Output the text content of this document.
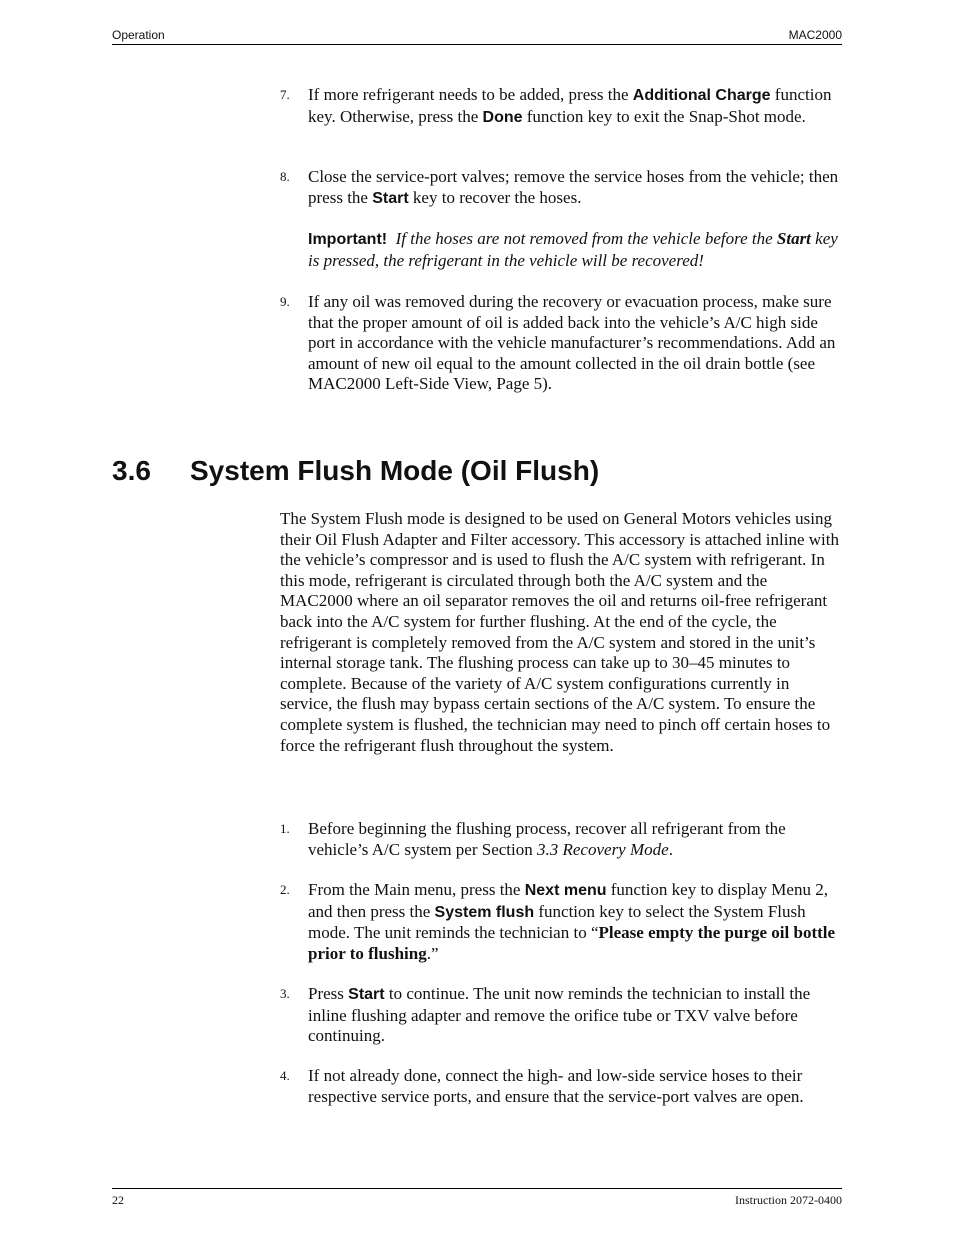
Operation	MAC2000
7. If more refrigerant needs to be added, press the Additional Charge function key. Otherwise, press the Done function key to exit the Snap-Shot mode.
8. Close the service-port valves; remove the service hoses from the vehicle; then press the Start key to recover the hoses.
Important! If the hoses are not removed from the vehicle before the Start key is pressed, the refrigerant in the vehicle will be recovered!
9. If any oil was removed during the recovery or evacuation process, make sure that the proper amount of oil is added back into the vehicle’s A/C high side port in accordance with the vehicle manufacturer’s recommendations. Add an amount of new oil equal to the amount collected in the oil drain bottle (see MAC2000 Left-Side View, Page 5).
3.6 System Flush Mode (Oil Flush)
The System Flush mode is designed to be used on General Motors vehicles using their Oil Flush Adapter and Filter accessory. This accessory is attached inline with the vehicle’s compressor and is used to flush the A/C system with refrigerant. In this mode, refrigerant is circulated through both the A/C system and the MAC2000 where an oil separator removes the oil and returns oil-free refrigerant back into the A/C system for further flushing. At the end of the cycle, the refrigerant is completely removed from the A/C system and stored in the unit’s internal storage tank. The flushing process can take up to 30–45 minutes to complete. Because of the variety of A/C system configurations currently in service, the flush may bypass certain sections of the A/C system. To ensure the complete system is flushed, the technician may need to pinch off certain hoses to force the refrigerant flush throughout the system.
1. Before beginning the flushing process, recover all refrigerant from the vehicle’s A/C system per Section 3.3 Recovery Mode.
2. From the Main menu, press the Next menu function key to display Menu 2, and then press the System flush function key to select the System Flush mode. The unit reminds the technician to “Please empty the purge oil bottle prior to flushing.”
3. Press Start to continue. The unit now reminds the technician to install the inline flushing adapter and remove the orifice tube or TXV valve before continuing.
4. If not already done, connect the high- and low-side service hoses to their respective service ports, and ensure that the service-port valves are open.
22	Instruction 2072-0400
